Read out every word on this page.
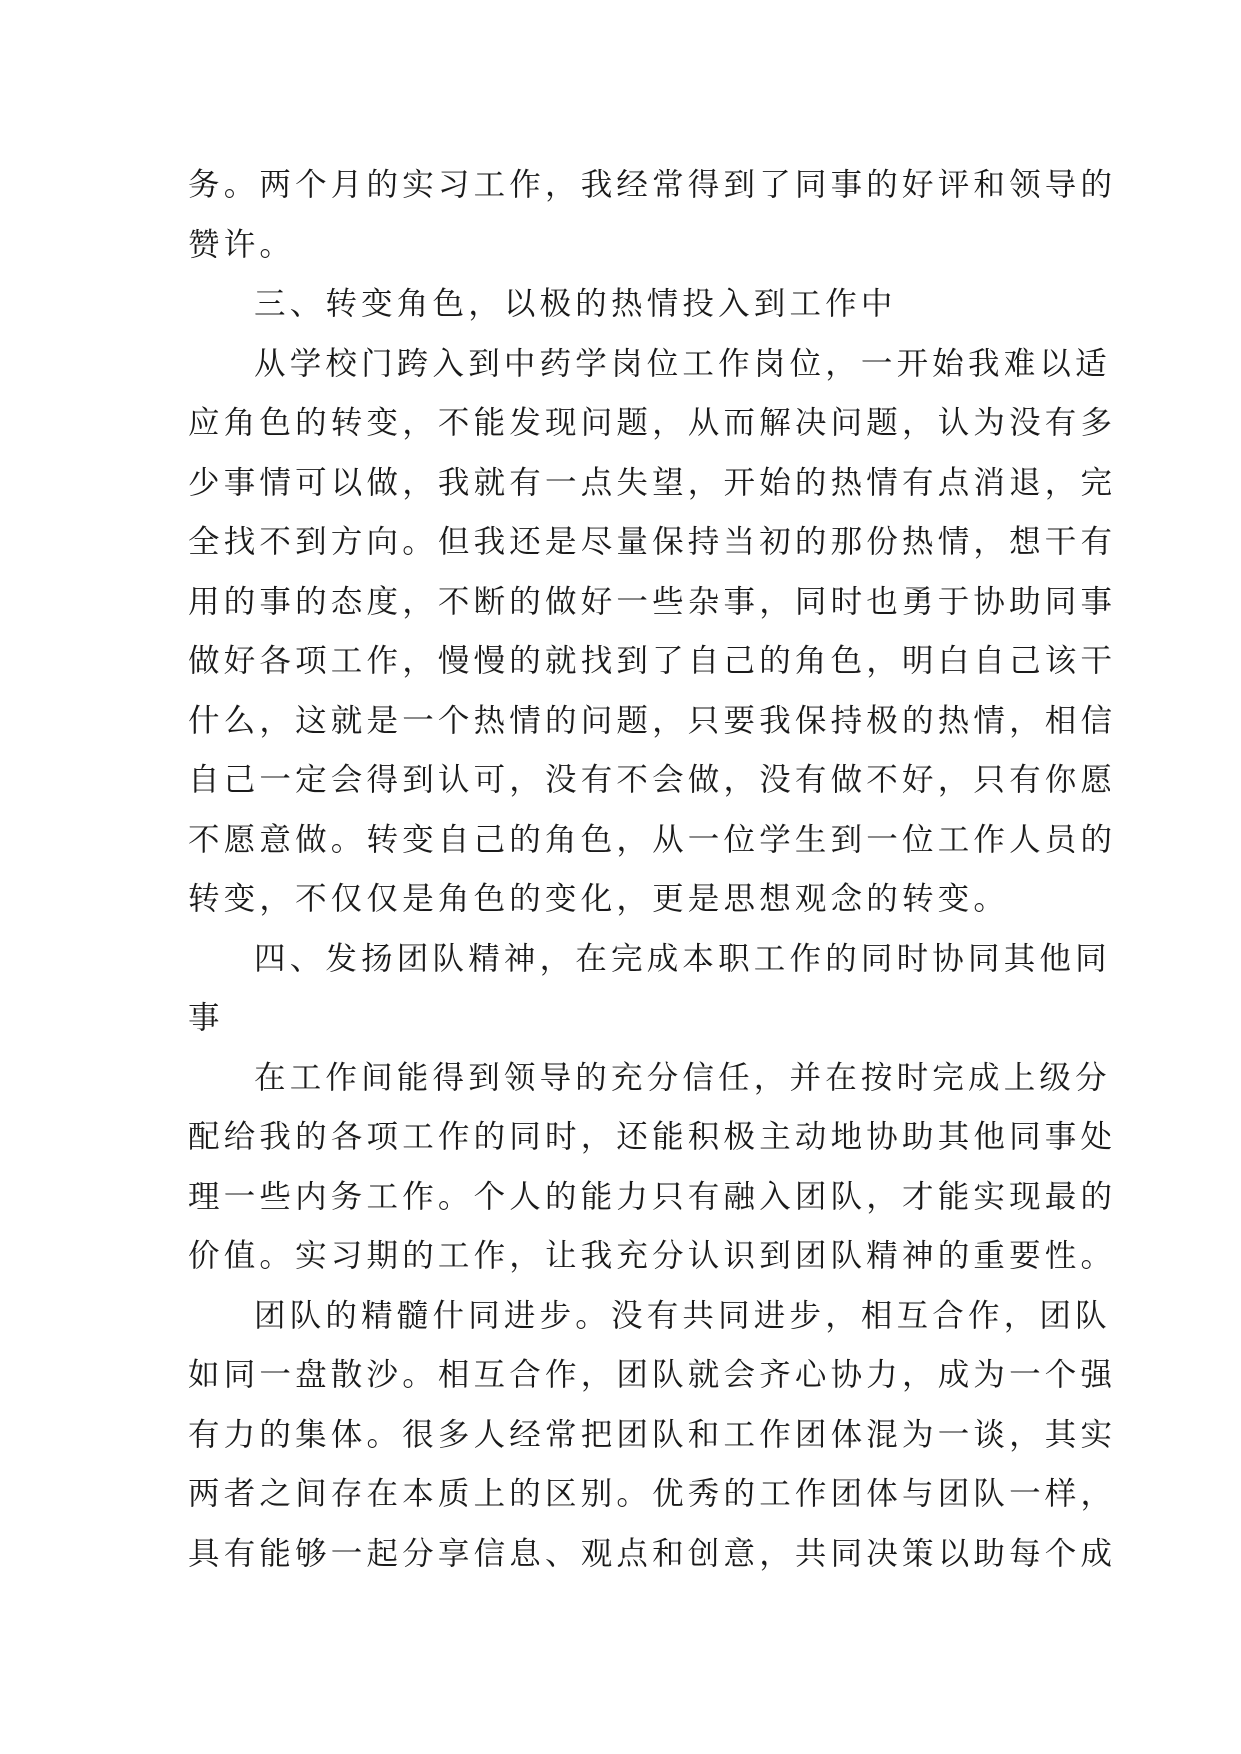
务。两个月的实习工作，我经常得到了同事的好评和领导的
赞许。
三、转变角色，以极的热情投入到工作中
从学校门跨入到中药学岗位工作岗位，一开始我难以适
应角色的转变，不能发现问题，从而解决问题，认为没有多
少事情可以做，我就有一点失望，开始的热情有点消退，完
全找不到方向。但我还是尽量保持当初的那份热情，想干有
用的事的态度，不断的做好一些杂事，同时也勇于协助同事
做好各项工作，慢慢的就找到了自己的角色，明白自己该干
什么，这就是一个热情的问题，只要我保持极的热情，相信
自己一定会得到认可，没有不会做，没有做不好，只有你愿
不愿意做。转变自己的角色，从一位学生到一位工作人员的
转变，不仅仅是角色的变化，更是思想观念的转变。
四、发扬团队精神，在完成本职工作的同时协同其他同
事
在工作间能得到领导的充分信任，并在按时完成上级分
配给我的各项工作的同时，还能积极主动地协助其他同事处
理一些内务工作。个人的能力只有融入团队，才能实现最的
价值。实习期的工作，让我充分认识到团队精神的重要性。
团队的精髓什同进步。没有共同进步，相互合作，团队
如同一盘散沙。相互合作，团队就会齐心协力，成为一个强
有力的集体。很多人经常把团队和工作团体混为一谈，其实
两者之间存在本质上的区别。优秀的工作团体与团队一样，
具有能够一起分享信息、观点和创意，共同决策以助每个成
